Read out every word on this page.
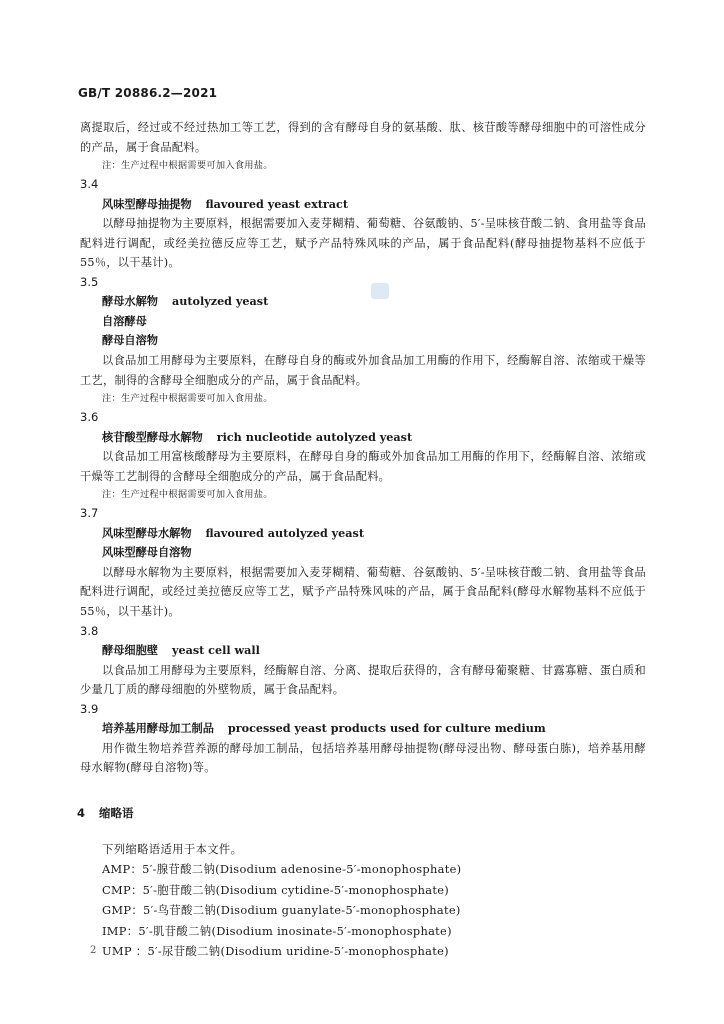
GB/T 20886.2—2021

离提取后，经过或不经过热加工等工艺，得到的含有酵母自身的氨基酸、肽、核苷酸等酵母细胞中的可溶性成分的产品，属于食品配料。

注：生产过程中根据需要可加入食用盐。

3.4

风味型酵母抽提物 flavoured yeast extract

以酵母抽提物为主要原料，根据需要加入麦芽糊精、葡萄糖、谷氨酸钠、5′-呈味核苷酸二钠、食用盐等食品配料进行调配，或经美拉德反应等工艺，赋予产品特殊风味的产品，属于食品配料(酵母抽提物基料不应低于 55％，以干基计)。

3.5

酵母水解物 autolyzed yeast

自溶酵母

酵母自溶物

以食品加工用酵母为主要原料，在酵母自身的酶或外加食品加工用酶的作用下，经酶解自溶、浓缩或干燥等工艺，制得的含酵母全细胞成分的产品，属于食品配料。

注：生产过程中根据需要可加入食用盐。

3.6

核苷酸型酵母水解物 rich nucleotide autolyzed yeast

以食品加工用富核酸酵母为主要原料，在酵母自身的酶或外加食品加工用酶的作用下，经酶解自溶、浓缩或干燥等工艺制得的含酵母全细胞成分的产品，属于食品配料。

注：生产过程中根据需要可加入食用盐。

3.7

风味型酵母水解物 flavoured autolyzed yeast

风味型酵母自溶物

以酵母水解物为主要原料，根据需要加入麦芽糊精、葡萄糖、谷氨酸钠、5′-呈味核苷酸二钠、食用盐等食品配料进行调配，或经过美拉德反应等工艺，赋予产品特殊风味的产品，属于食品配料(酵母水解物基料不应低于 55％，以干基计)。

3.8

酵母细胞壁 yeast cell wall

以食品加工用酵母为主要原料，经酶解自溶、分离、提取后获得的，含有酵母葡聚糖、甘露寡糖、蛋白质和少量几丁质的酵母细胞的外壁物质，属于食品配料。

3.9

培养基用酵母加工制品 processed yeast products used for culture medium

用作微生物培养营养源的酵母加工制品，包括培养基用酵母抽提物(酵母浸出物、酵母蛋白胨)，培养基用酵母水解物(酵母自溶物)等。

4 缩略语

下列缩略语适用于本文件。

AMP：5′-腺苷酸二钠(Disodium adenosine-5′-monophosphate)

CMP：5′-胞苷酸二钠(Disodium cytidine-5′-monophosphate)

GMP：5′-鸟苷酸二钠(Disodium guanylate-5′-monophosphate)

IMP：5′-肌苷酸二钠(Disodium inosinate-5′-monophosphate)

UMP ：5′-尿苷酸二钠(Disodium uridine-5′-monophosphate)

2
